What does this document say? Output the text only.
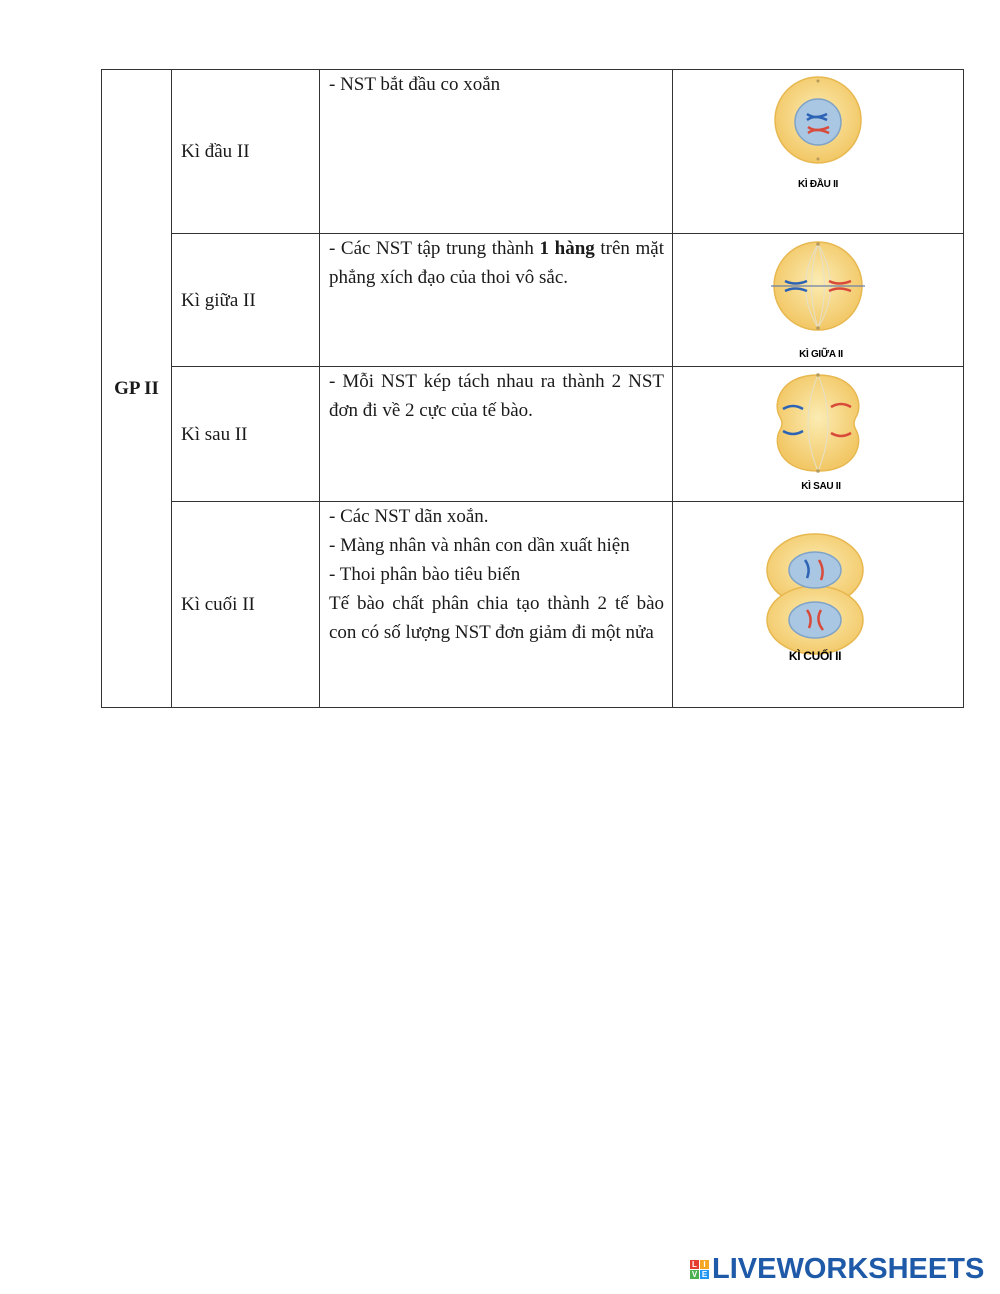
GP II	Kì đầu II	- NST bắt đầu co xoắn	KÌ ĐẦU II

	Kì giữa II	- Các NST tập trung thành 1 hàng trên mặt phẳng xích đạo của thoi vô sắc.	KÌ GIỮA II

	Kì sau II	- Mỗi NST kép tách nhau ra thành 2 NST đơn đi về 2 cực của tế bào.	KÌ SAU II

	Kì cuối II	- Các NST dãn xoắn.

- Màng nhân và nhân con dần xuất hiện

- Thoi phân bào tiêu biến

Tế bào chất phân chia tạo thành 2 tế bào con có số lượng NST đơn giảm đi một nửa	KÌ CUỐI II
L I
V E LIVEWORKSHEETS
